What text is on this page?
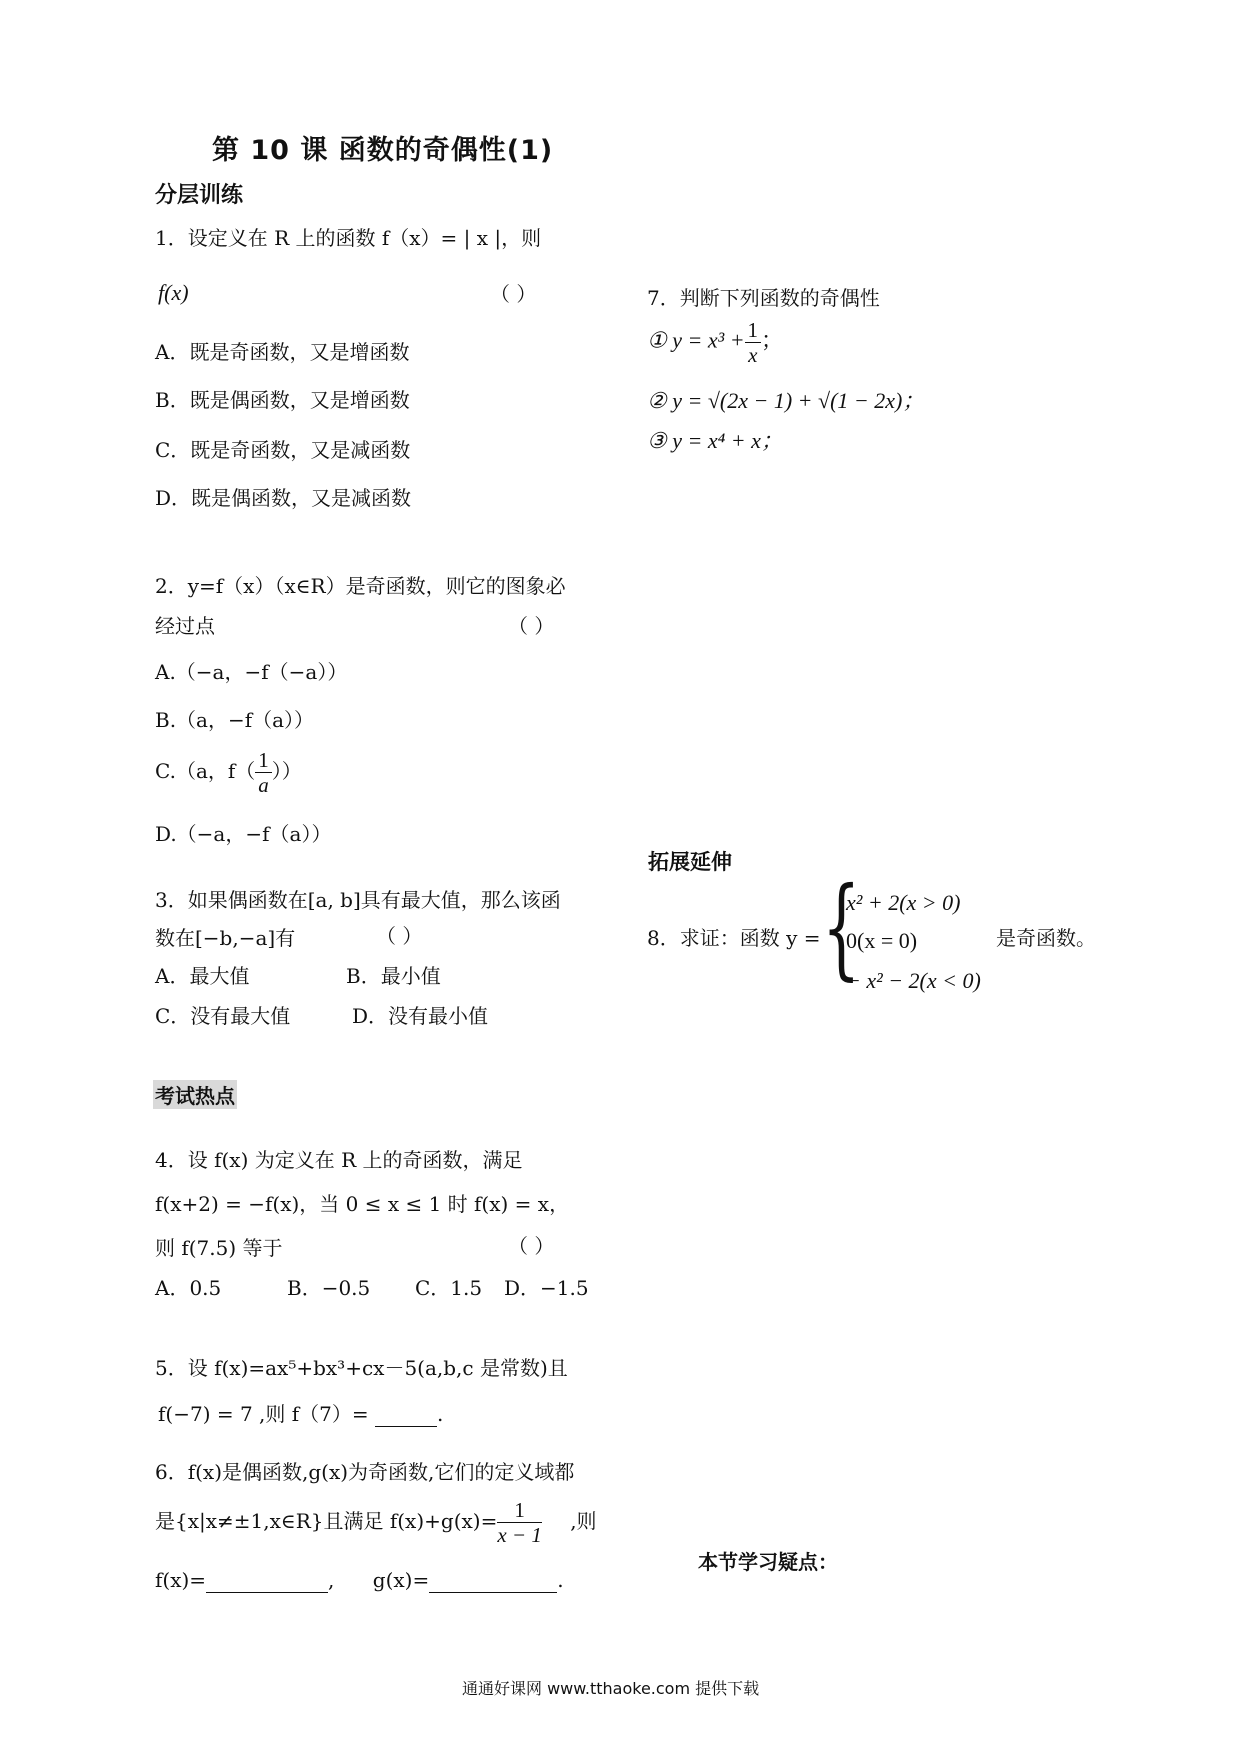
第 10 课 函数的奇偶性(1)
分层训练
1．设定义在 R 上的函数 f（x）= | x |，则
f(x)	（ ）
A．既是奇函数，又是增函数
B．既是偶函数，又是增函数
C．既是奇函数，又是减函数
D．既是偶函数，又是减函数
2．y=f（x）（x∈R）是奇函数，则它的图象必
经过点	（ ）
A.（−a，−f（−a））
B.（a，−f（a））
C.（a，$f( \frac{1}{a}$ ））
D.（−a，−f（a））
3．如果偶函数在[a, b]具有最大值，那么该函
数在[−b,−a]有	（ ）
A．最大值	B．最小值
C．没有最大值	D．没有最小值
考试热点
4．设 f(x) 为定义在 R 上的奇函数，满足
f(x+2) = −f(x)，当 0 ≤ x ≤ 1 时 f(x) = x，
则 f(7.5) 等于	（ ）
A．0.5	B．−0.5 C．1.5 D．−1.5
5．设 f(x)=ax⁵+bx³+cx－5(a,b,c 是常数)且
f(−7) = 7 ,则 f（7）=	.
6．f(x)是偶函数,g(x)为奇函数,它们的定义域都
是{x|x≠±1,x∈R}且满足 $f(x)+g(x)= \frac{1}{x - 1}$ ,则
f(x)=	, g(x)=	.
7．判断下列函数的奇偶性
① $y = x^3 + \frac{1}{x}$ ；
② y = √(2x − 1) + √(1 − 2x)；
③ y = x⁴ + x；
拓展延伸
8．求证：函数 y = {
x² + 2(x > 0)
0(x = 0)
− x² − 2(x < 0)
是奇函数。
本节学习疑点：
通通好课网 www.tthaoke.com 提供下载
